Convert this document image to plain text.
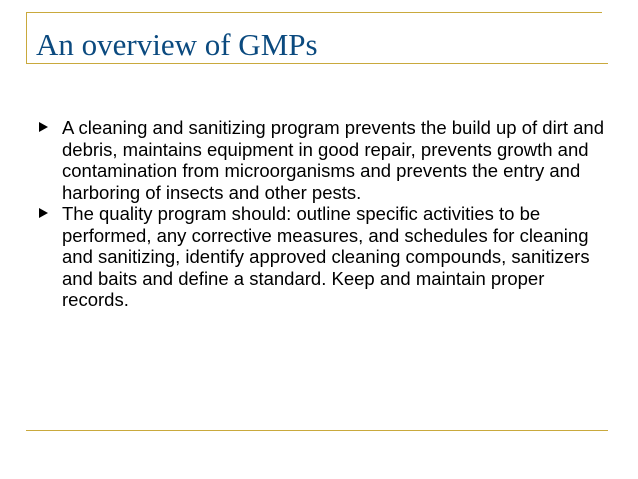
An overview of GMPs
A cleaning and sanitizing program prevents the build up of dirt and debris, maintains equipment in good repair, prevents growth and contamination from microorganisms and prevents the entry and harboring of insects and other pests.
The quality program should: outline specific activities to be performed, any corrective measures, and schedules for cleaning and sanitizing, identify approved cleaning compounds, sanitizers and baits and define a standard. Keep and maintain proper records.
